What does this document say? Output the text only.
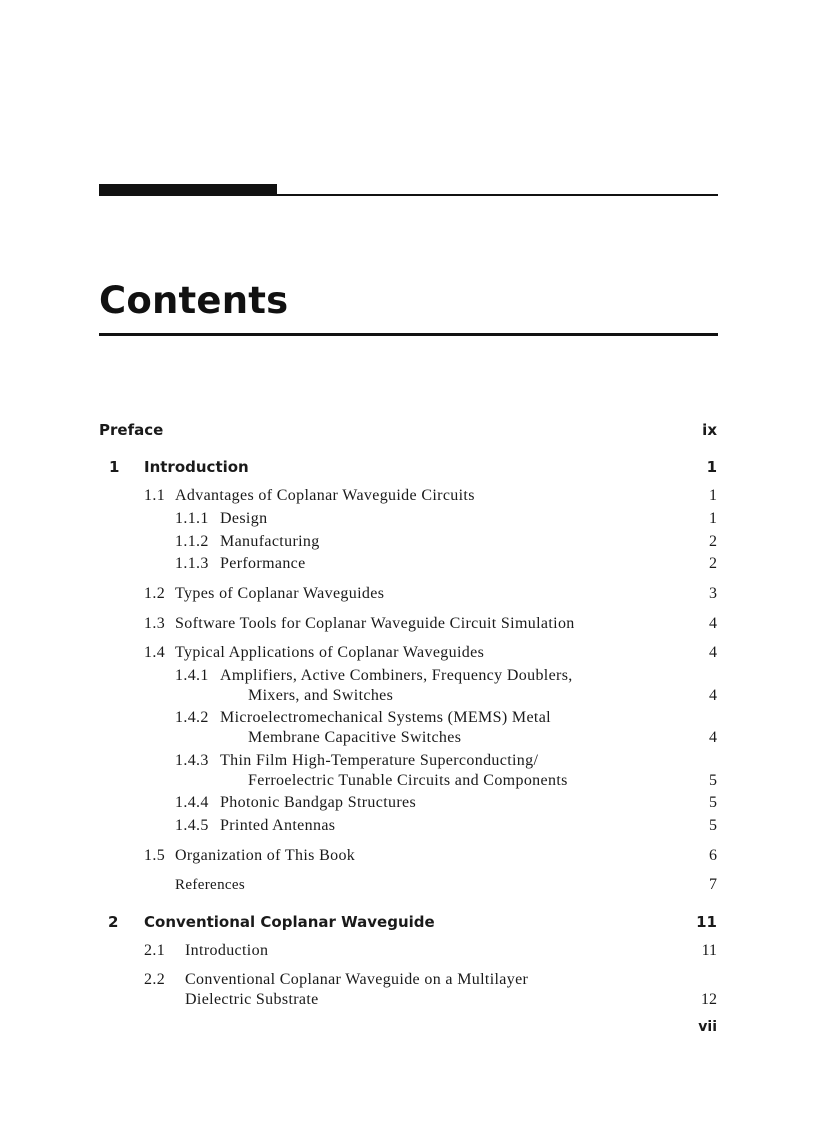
Contents
Preface	ix
1 Introduction	1
1.1 Advantages of Coplanar Waveguide Circuits	1
1.1.1 Design	1
1.1.2 Manufacturing	2
1.1.3 Performance	2
1.2 Types of Coplanar Waveguides	3
1.3 Software Tools for Coplanar Waveguide Circuit Simulation	4
1.4 Typical Applications of Coplanar Waveguides	4
1.4.1 Amplifiers, Active Combiners, Frequency Doublers,
Mixers, and Switches	4
1.4.2 Microelectromechanical Systems (MEMS) Metal
Membrane Capacitive Switches	4
1.4.3 Thin Film High-Temperature Superconducting/
Ferroelectric Tunable Circuits and Components	5
1.4.4 Photonic Bandgap Structures	5
1.4.5 Printed Antennas	5
1.5 Organization of This Book	6
References	7
2 Conventional Coplanar Waveguide	11
2.1 Introduction	11
2.2 Conventional Coplanar Waveguide on a Multilayer
Dielectric Substrate	12
vii
